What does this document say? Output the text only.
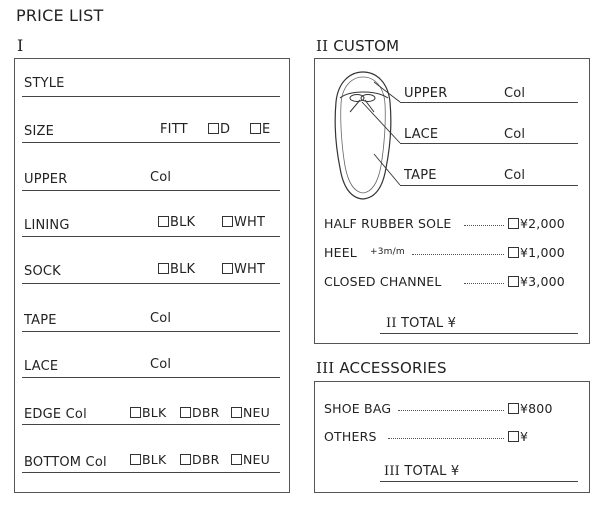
PRICE LIST
I
STYLE
SIZE	FITT	D	E
UPPER	Col
LINING	BLK	WHT
SOCK	BLK	WHT
TAPE	Col
LACE	Col
EDGE Col	BLK	DBR	NEU
BOTTOM Col	BLK	DBR	NEU
II CUSTOM
UPPER	Col
LACE	Col
TAPE	Col
HALF RUBBER SOLE	¥2,000
HEEL +3m/m	¥1,000
CLOSED CHANNEL	¥3,000
II TOTAL ¥
III ACCESSORIES
SHOE BAG	¥800
OTHERS	¥
III TOTAL ¥
